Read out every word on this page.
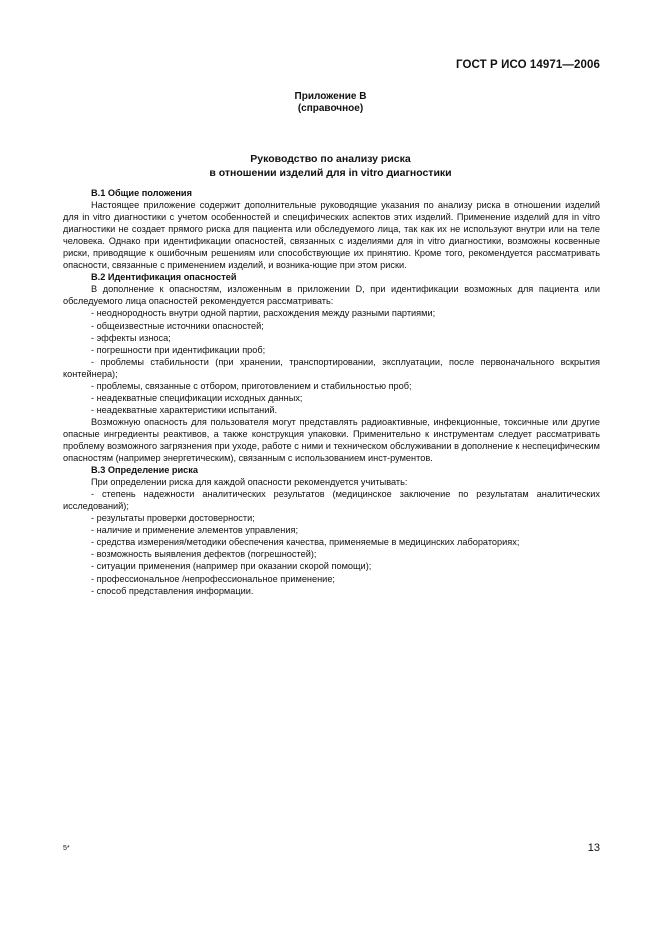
ГОСТ Р ИСО 14971—2006
Приложение В
(справочное)
Руководство по анализу риска
в отношении изделий для in vitro диагностики

В.1 Общие положения

Настоящее приложение содержит дополнительные руководящие указания по анализу риска в отношении изделий для in vitro диагностики с учетом особенностей и специфических аспектов этих изделий. Применение изделий для in vitro диагностики не создает прямого риска для пациента или обследуемого лица, так как их не используют внутри или на теле человека. Однако при идентификации опасностей, связанных с изделиями для in vitro диагностики, возможны косвенные риски, приводящие к ошибочным решениям или способствующие их принятию. Кроме того, рекомендуется рассматривать опасности, связанные с применением изделий, и возника-ющие при этом риски.

В.2 Идентификация опасностей

В дополнение к опасностям, изложенным в приложении D, при идентификации возможных для пациента или обследуемого лица опасностей рекомендуется рассматривать:

- неоднородность внутри одной партии, расхождения между разными партиями;

- общеизвестные источники опасностей;

- эффекты износа;

- погрешности при идентификации проб;

- проблемы стабильности (при хранении, транспортировании, эксплуатации, после первоначального вскрытия контейнера);

- проблемы, связанные с отбором, приготовлением и стабильностью проб;

- неадекватные спецификации исходных данных;

- неадекватные характеристики испытаний.

Возможную опасность для пользователя могут представлять радиоактивные, инфекционные, токсичные или другие опасные ингредиенты реактивов, а также конструкция упаковки. Применительно к инструментам следует рассматривать проблему возможного загрязнения при уходе, работе с ними и техническом обслуживании в дополнение к неспецифическим опасностям (например энергетическим), связанным с использованием инст-рументов.

В.3 Определение риска

При определении риска для каждой опасности рекомендуется учитывать:

- степень надежности аналитических результатов (медицинское заключение по результатам аналитических исследований);

- результаты проверки достоверности;

- наличие и применение элементов управления;

- средства измерения/методики обеспечения качества, применяемые в медицинских лабораториях;

- возможность выявления дефектов (погрешностей);

- ситуации применения (например при оказании скорой помощи);

- профессиональное /непрофессиональное применение;

- способ представления информации.

5*	13
